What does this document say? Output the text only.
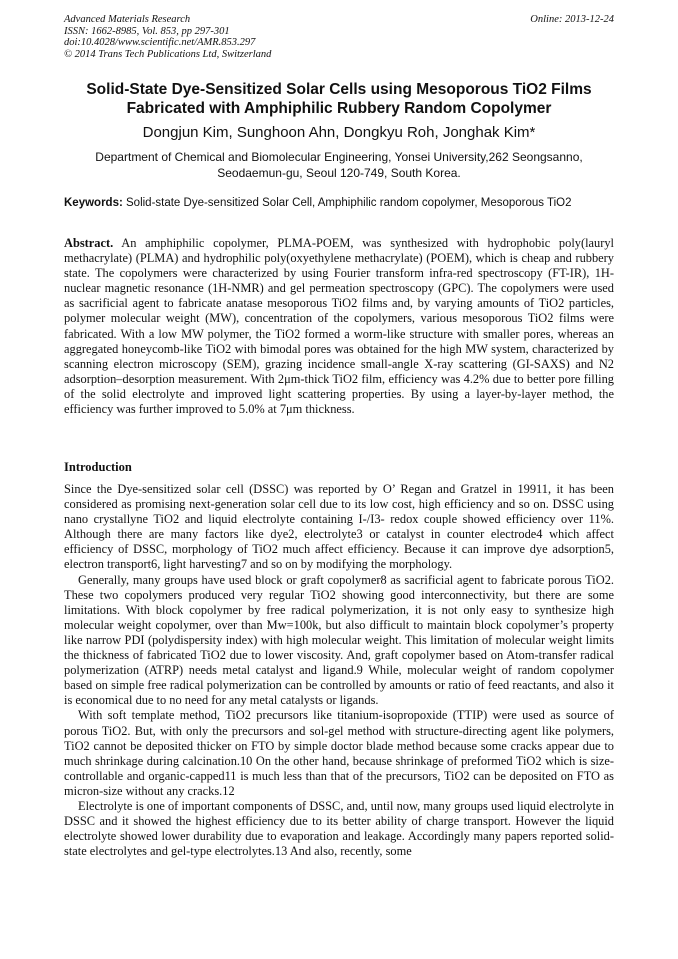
Advanced Materials Research
ISSN: 1662-8985, Vol. 853, pp 297-301
doi:10.4028/www.scientific.net/AMR.853.297
© 2014 Trans Tech Publications Ltd, Switzerland
Online: 2013-12-24
Solid-State Dye-Sensitized Solar Cells using Mesoporous TiO2 Films
Fabricated with Amphiphilic Rubbery Random Copolymer
Dongjun Kim, Sunghoon Ahn, Dongkyu Roh, Jonghak Kim*
Department of Chemical and Biomolecular Engineering, Yonsei University,262 Seongsanno,
Seodaemun-gu, Seoul 120-749, South Korea.
Keywords: Solid-state Dye-sensitized Solar Cell, Amphiphilic random copolymer, Mesoporous TiO2

Abstract. An amphiphilic copolymer, PLMA-POEM, was synthesized with hydrophobic poly(lauryl methacrylate) (PLMA) and hydrophilic poly(oxyethylene methacrylate) (POEM), which is cheap and rubbery state. The copolymers were characterized by using Fourier transform infra-red spectroscopy (FT-IR), 1H-nuclear magnetic resonance (1H-NMR) and gel permeation spectroscopy (GPC). The copolymers were used as sacrificial agent to fabricate anatase mesoporous TiO2 films and, by varying amounts of TiO2 particles, polymer molecular weight (MW), concentration of the copolymers, various mesoporous TiO2 films were fabricated. With a low MW polymer, the TiO2 formed a worm-like structure with smaller pores, whereas an aggregated honeycomb-like TiO2 with bimodal pores was obtained for the high MW system, characterized by scanning electron microscopy (SEM), grazing incidence small-angle X-ray scattering (GI-SAXS) and N2 adsorption–desorption measurement. With 2μm-thick TiO2 film, efficiency was 4.2% due to better pore filling of the solid electrolyte and improved light scattering properties. By using a layer-by-layer method, the efficiency was further improved to 5.0% at 7μm thickness.

Introduction

Since the Dye-sensitized solar cell (DSSC) was reported by O’ Regan and Gratzel in 19911, it has been considered as promising next-generation solar cell due to its low cost, high efficiency and so on. DSSC using nano crystallyne TiO2 and liquid electrolyte containing I-/I3- redox couple showed efficiency over 11%. Although there are many factors like dye2, electrolyte3 or catalyst in counter electrode4 which affect efficiency of DSSC, morphology of TiO2 much affect efficiency. Because it can improve dye adsorption5, electron transport6, light harvesting7 and so on by modifying the morphology.

Generally, many groups have used block or graft copolymer8 as sacrificial agent to fabricate porous TiO2. These two copolymers produced very regular TiO2 showing good interconnectivity, but there are some limitations. With block copolymer by free radical polymerization, it is not only easy to synthesize high molecular weight copolymer, over than Mw=100k, but also difficult to maintain block copolymer’s property like narrow PDI (polydispersity index) with high molecular weight. This limitation of molecular weight limits the thickness of fabricated TiO2 due to lower viscosity. And, graft copolymer based on Atom-transfer radical polymerization (ATRP) needs metal catalyst and ligand.9 While, molecular weight of random copolymer based on simple free radical polymerization can be controlled by amounts or ratio of feed reactants, and also it is economical due to no need for any metal catalysts or ligands.

With soft template method, TiO2 precursors like titanium-isopropoxide (TTIP) were used as source of porous TiO2. But, with only the precursors and sol-gel method with structure-directing agent like polymers, TiO2 cannot be deposited thicker on FTO by simple doctor blade method because some cracks appear due to much shrinkage during calcination.10 On the other hand, because shrinkage of preformed TiO2 which is size-controllable and organic-capped11 is much less than that of the precursors, TiO2 can be deposited on FTO as micron-size without any cracks.12

Electrolyte is one of important components of DSSC, and, until now, many groups used liquid electrolyte in DSSC and it showed the highest efficiency due to its better ability of charge transport. However the liquid electrolyte showed lower durability due to evaporation and leakage. Accordingly many papers reported solid-state electrolytes and gel-type electrolytes.13 And also, recently, some
